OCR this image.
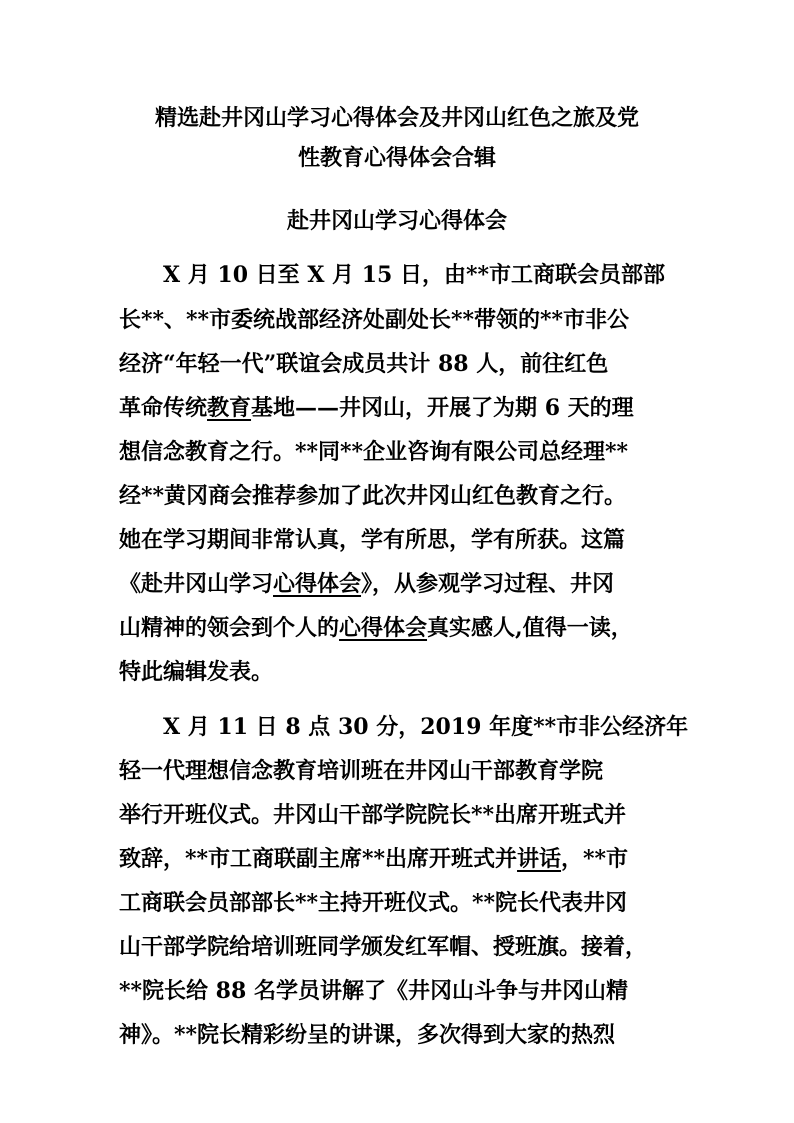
精选赴井冈山学习心得体会及井冈山红色之旅及党
性教育心得体会合辑
赴井冈山学习心得体会
X 月 10 日至 X 月 15 日，由**市工商联会员部部
长**、**市委统战部经济处副处长**带领的**市非公
经济“年轻一代”联谊会成员共计 88 人，前往红色
革命传统教育基地——井冈山，开展了为期 6 天的理
想信念教育之行。**同**企业咨询有限公司总经理**
经**黄冈商会推荐参加了此次井冈山红色教育之行。
她在学习期间非常认真，学有所思，学有所获。这篇
《赴井冈山学习心得体会》，从参观学习过程、井冈
山精神的领会到个人的心得体会真实感人,值得一读，
特此编辑发表。
X 月 11 日 8 点 30 分，2019 年度**市非公经济年
轻一代理想信念教育培训班在井冈山干部教育学院
举行开班仪式。井冈山干部学院院长**出席开班式并
致辞，**市工商联副主席**出席开班式并讲话，**市
工商联会员部部长**主持开班仪式。**院长代表井冈
山干部学院给培训班同学颁发红军帽、授班旗。接着，
**院长给 88 名学员讲解了《井冈山斗争与井冈山精
神》。**院长精彩纷呈的讲课，多次得到大家的热烈
